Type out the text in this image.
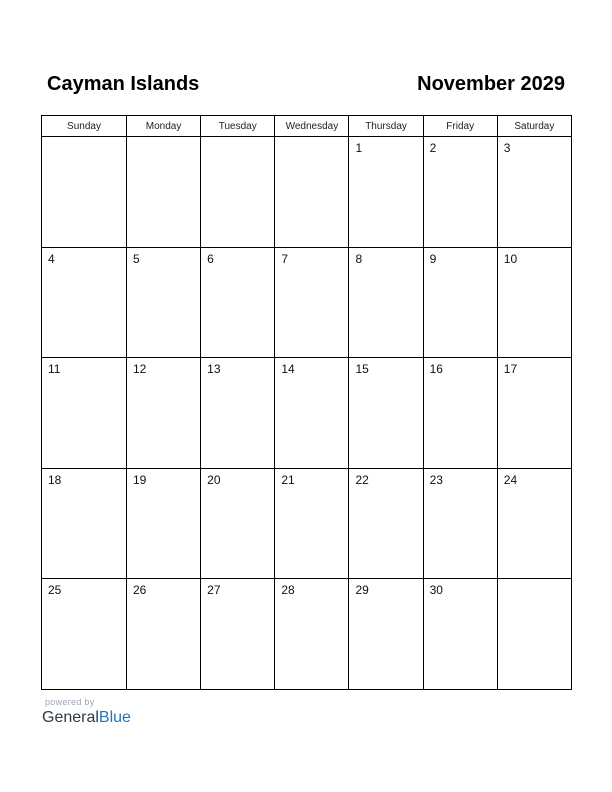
Cayman Islands	November 2029
Sunday	Monday	Tuesday	Wednesday	Thursday	Friday	Saturday
				1	2	3
4	5	6	7	8	9	10
11	12	13	14	15	16	17
18	19	20	21	22	23	24
25	26	27	28	29	30	
powered by
GeneralBlue
